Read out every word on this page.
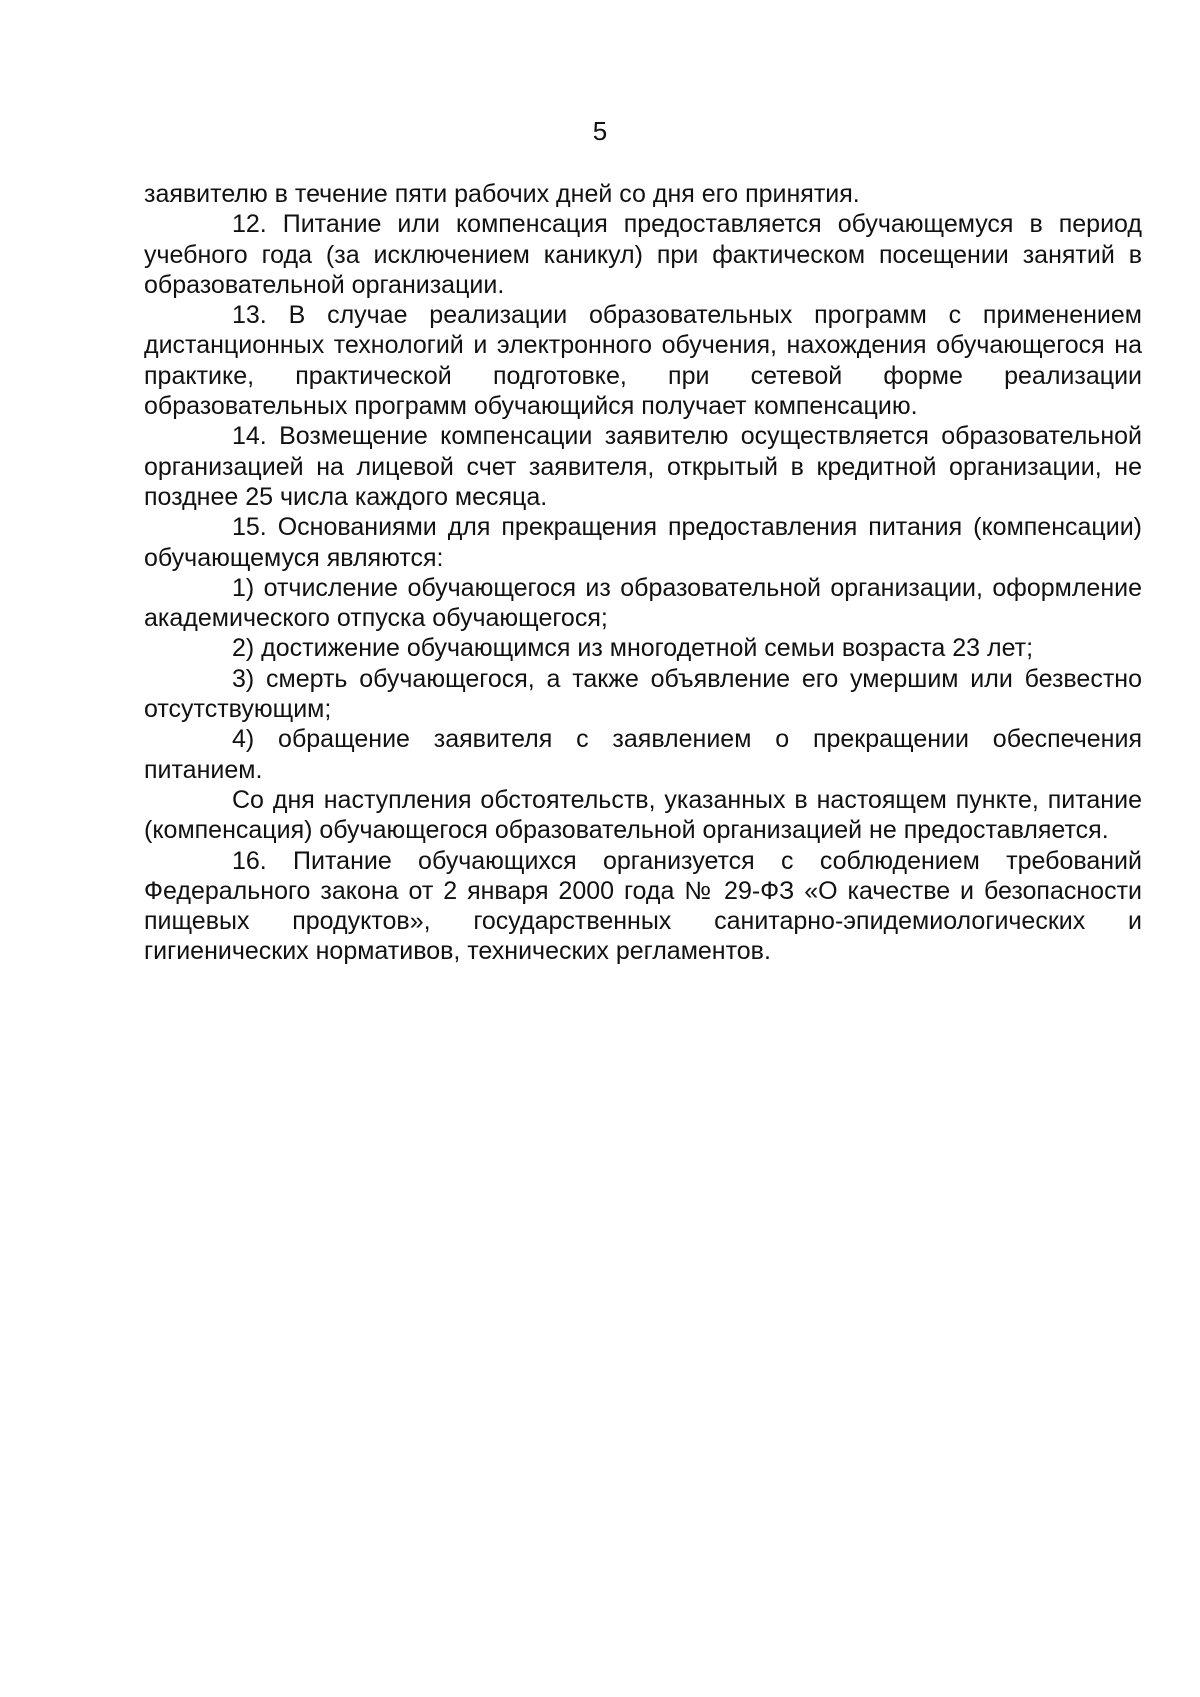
5

заявителю в течение пяти рабочих дней со дня его принятия.

12. Питание или компенсация предоставляется обучающемуся в период учебного года (за исключением каникул) при фактическом посещении занятий в образовательной организации.

13. В случае реализации образовательных программ с применением дистанционных технологий и электронного обучения, нахождения обучающегося на практике, практической подготовке, при сетевой форме реализации образовательных программ обучающийся получает компенсацию.

14. Возмещение компенсации заявителю осуществляется образовательной организацией на лицевой счет заявителя, открытый в кредитной организации, не позднее 25 числа каждого месяца.

15. Основаниями для прекращения предоставления питания (компенсации) обучающемуся являются:

1) отчисление обучающегося из образовательной организации, оформление академического отпуска обучающегося;

2) достижение обучающимся из многодетной семьи возраста 23 лет;

3) смерть обучающегося, а также объявление его умершим или безвестно отсутствующим;

4) обращение заявителя с заявлением о прекращении обеспечения питанием.

Со дня наступления обстоятельств, указанных в настоящем пункте, питание (компенсация) обучающегося образовательной организацией не предоставляется.

16. Питание обучающихся организуется с соблюдением требований Федерального закона от 2 января 2000 года № 29-ФЗ «О качестве и безопасности пищевых продуктов», государственных санитарно-эпидемиологических и гигиенических нормативов, технических регламентов.
